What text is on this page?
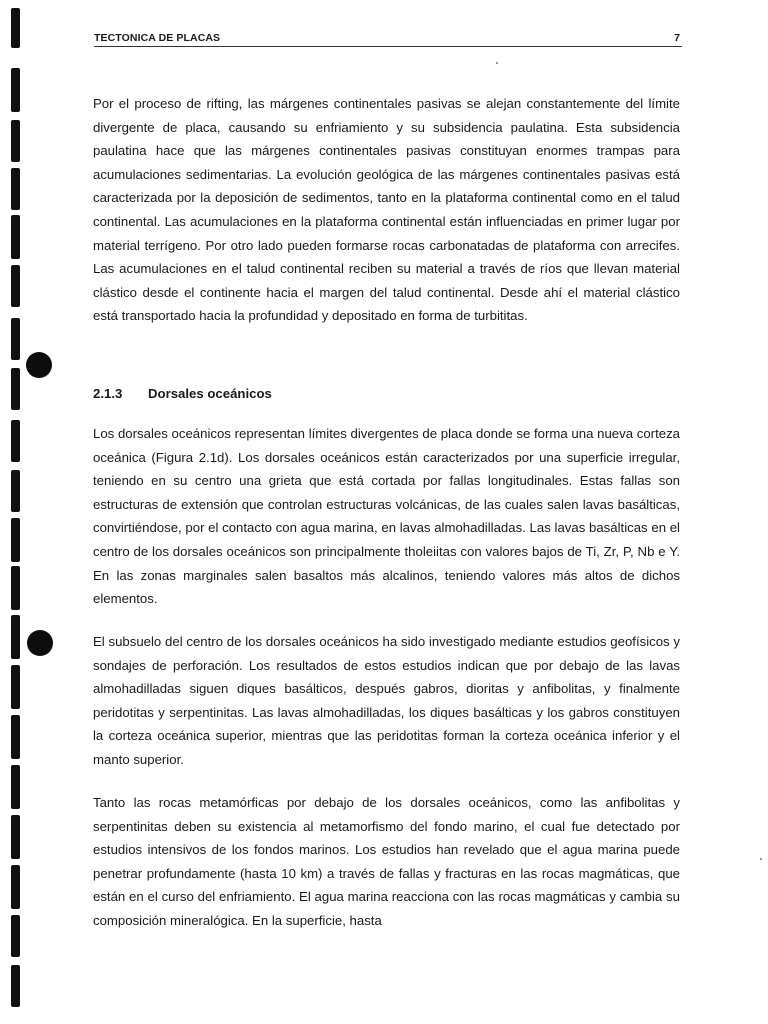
TECTONICA DE PLACAS	7

Por el proceso de rifting, las márgenes continentales pasivas se alejan constantemente del límite divergente de placa, causando su enfriamiento y su subsidencia paulatina. Esta subsidencia paulatina hace que las márgenes continentales pasivas constituyan enormes trampas para acumulaciones sedimentarias. La evolución geológica de las márgenes continentales pasivas está caracterizada por la deposición de sedimentos, tanto en la plataforma continental como en el talud continental. Las acumulaciones en la plataforma continental están influenciadas en primer lugar por material terrígeno. Por otro lado pueden formarse rocas carbonatadas de plataforma con arrecifes. Las acumulaciones en el talud continental reciben su material a través de ríos que llevan material clástico desde el continente hacia el margen del talud continental. Desde ahí el material clástico está transportado hacia la profundidad y depositado en forma de turbititas.

2.1.3 Dorsales oceánicos

Los dorsales oceánicos representan límites divergentes de placa donde se forma una nueva corteza oceánica (Figura 2.1d). Los dorsales oceánicos están caracterizados por una superficie irregular, teniendo en su centro una grieta que está cortada por fallas longitudinales. Estas fallas son estructuras de extensión que controlan estructuras volcánicas, de las cuales salen lavas basálticas, convirtiéndose, por el contacto con agua marina, en lavas almohadilladas. Las lavas basálticas en el centro de los dorsales oceánicos son principalmente tholeiitas con valores bajos de Ti, Zr, P, Nb e Y. En las zonas marginales salen basaltos más alcalinos, teniendo valores más altos de dichos elementos.

El subsuelo del centro de los dorsales oceánicos ha sido investigado mediante estudios geofísicos y sondajes de perforación. Los resultados de estos estudios indican que por debajo de las lavas almohadilladas siguen diques basálticos, después gabros, dioritas y anfibolitas, y finalmente peridotitas y serpentinitas. Las lavas almohadilladas, los diques basálticas y los gabros constituyen la corteza oceánica superior, mientras que las peridotitas forman la corteza oceánica inferior y el manto superior.

Tanto las rocas metamórficas por debajo de los dorsales oceánicos, como las anfibolitas y serpentinitas deben su existencia al metamorfismo del fondo marino, el cual fue detectado por estudios intensivos de los fondos marinos. Los estudios han revelado que el agua marina puede penetrar profundamente (hasta 10 km) a través de fallas y fracturas en las rocas magmáticas, que están en el curso del enfriamiento. El agua marina reacciona con las rocas magmáticas y cambia su composición mineralógica. En la superficie, hasta
